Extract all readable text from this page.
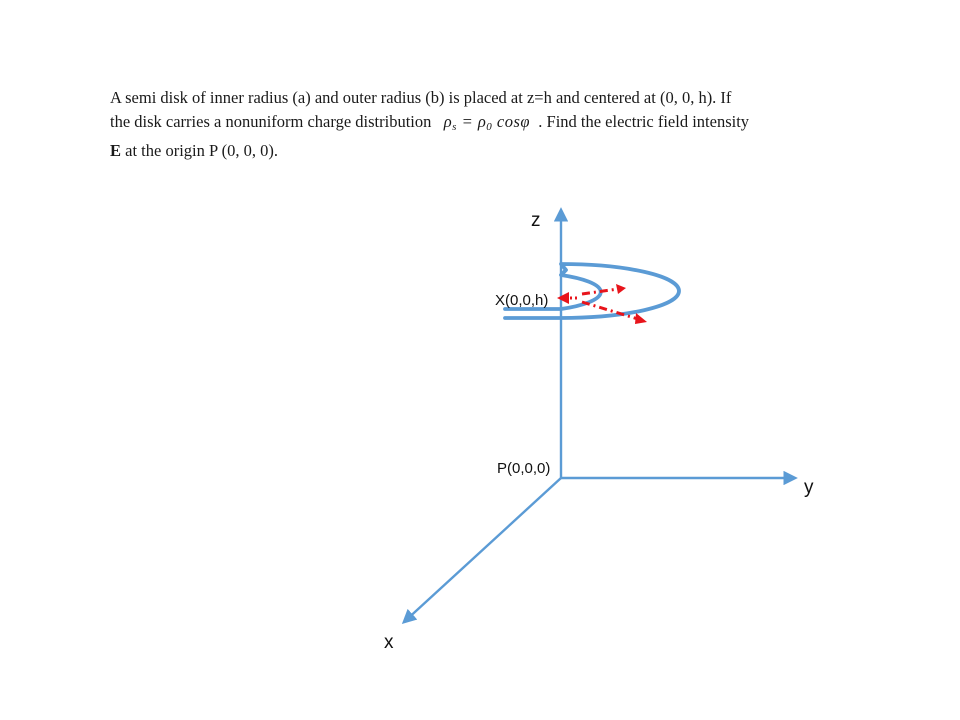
A semi disk of inner radius (a) and outer radius (b) is placed at z=h and centered at (0, 0, h). If
the disk carries a nonuniform charge distribution $\rho_s = \rho_0$ cosφ . Find the electric field intensity
E at the origin P (0, 0, 0).

z
X(0,0,h)
P(0,0,0)
y
x
